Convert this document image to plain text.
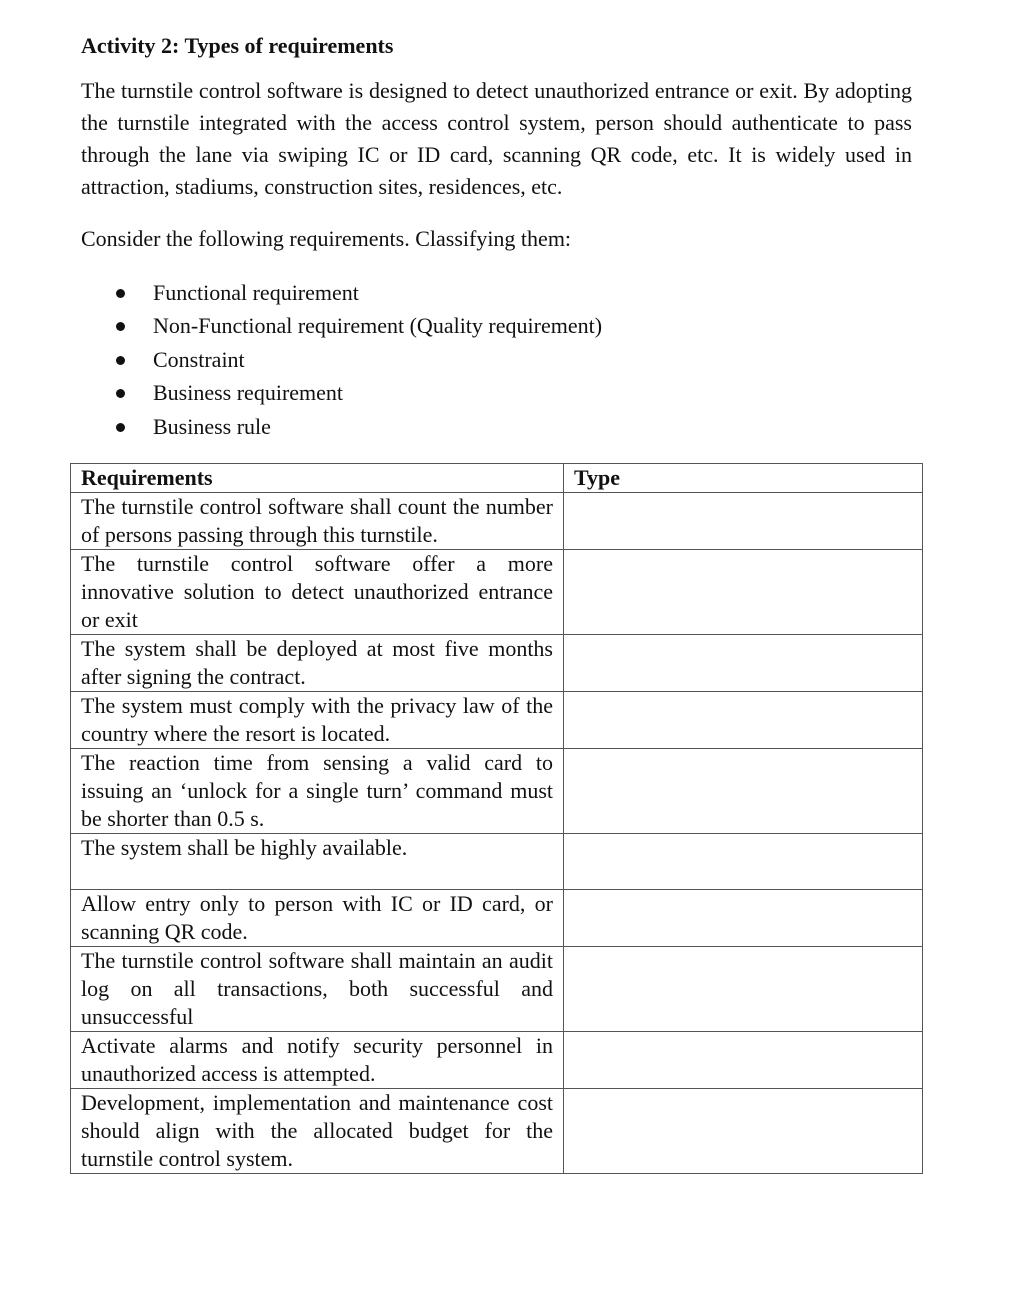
Activity 2: Types of requirements

The turnstile control software is designed to detect unauthorized entrance or exit. By adopting the turnstile integrated with the access control system, person should authenticate to pass through the lane via swiping IC or ID card, scanning QR code, etc. It is widely used in attraction, stadiums, construction sites, residences, etc.

Consider the following requirements. Classifying them:

Functional requirement
Non-Functional requirement (Quality requirement)
Constraint
Business requirement
Business rule
Requirements	Type
The turnstile control software shall count the number of persons passing through this turnstile.	
The turnstile control software offer a more innovative solution to detect unauthorized entrance or exit	
The system shall be deployed at most five months after signing the contract.	
The system must comply with the privacy law of the country where the resort is located.	
The reaction time from sensing a valid card to issuing an ‘unlock for a single turn’ command must be shorter than 0.5 s.	
The system shall be highly available.	
Allow entry only to person with IC or ID card, or scanning QR code.	
The turnstile control software shall maintain an audit log on all transactions, both successful and unsuccessful	
Activate alarms and notify security personnel in unauthorized access is attempted.	
Development, implementation and maintenance cost should align with the allocated budget for the turnstile control system.	
